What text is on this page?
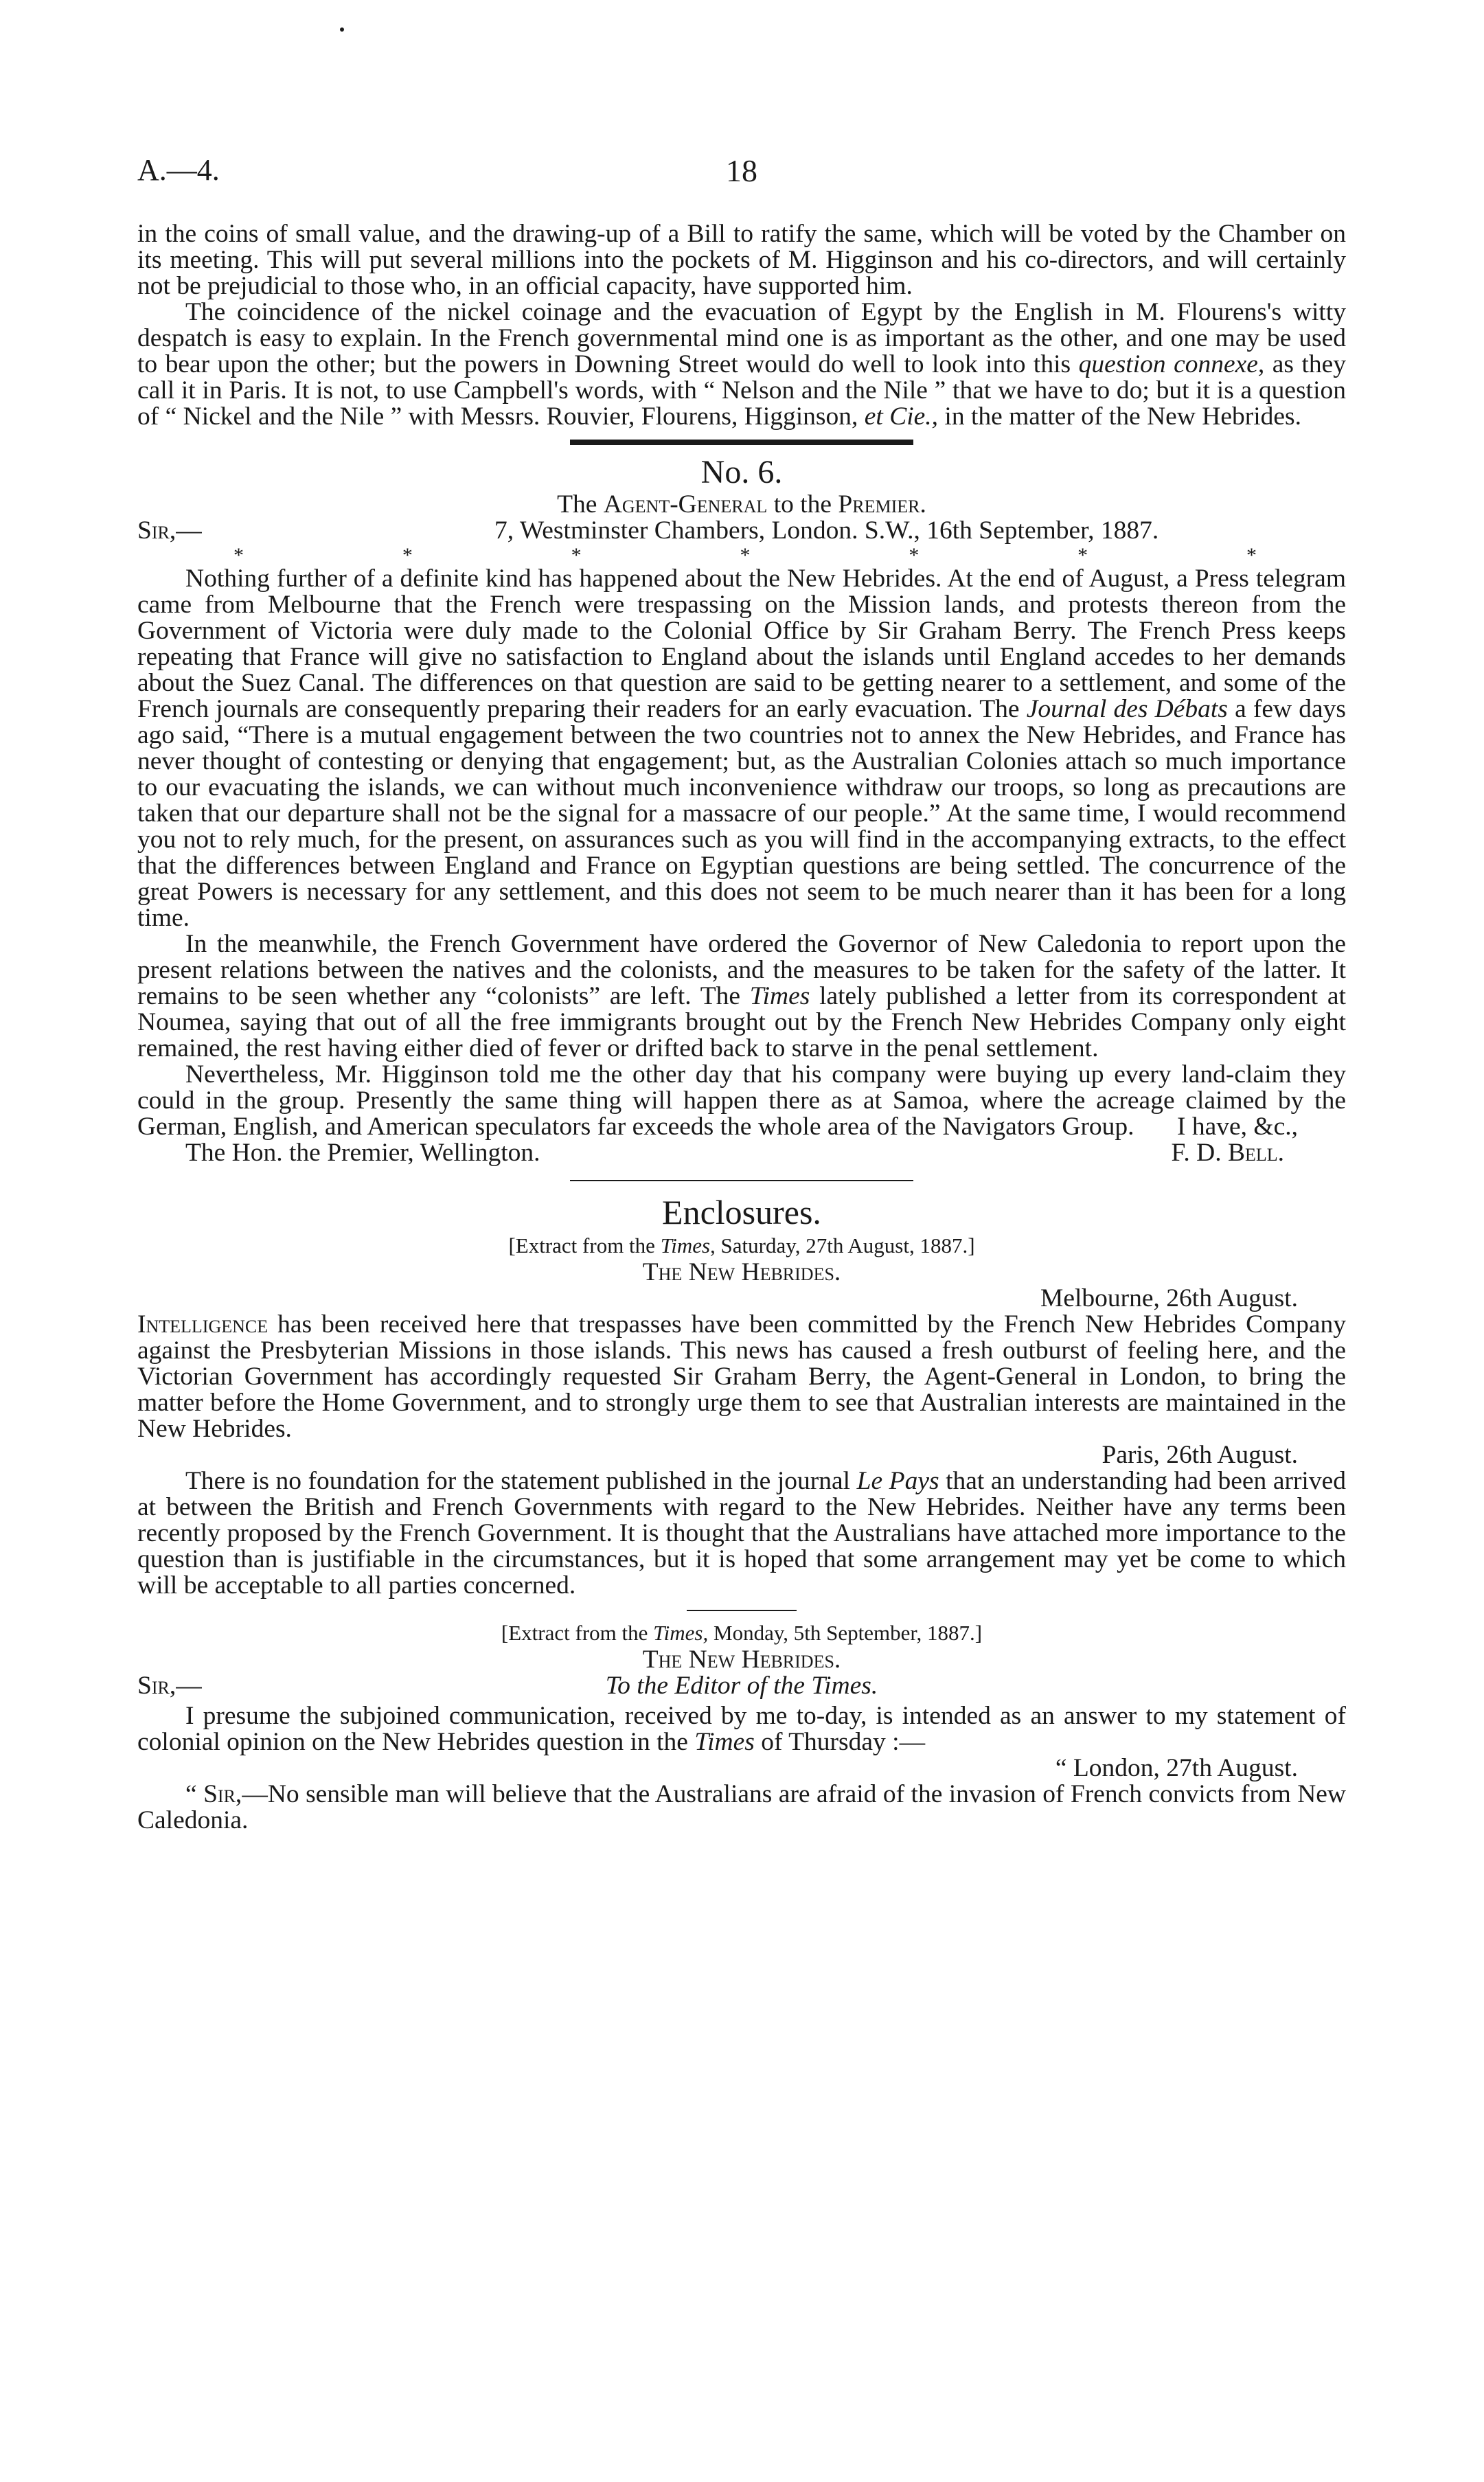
A.—4.	18

in the coins of small value, and the drawing-up of a Bill to ratify the same, which will be voted by the Chamber on its meeting. This will put several millions into the pockets of M. Higginson and his co-directors, and will certainly not be prejudicial to those who, in an official capacity, have supported him.

The coincidence of the nickel coinage and the evacuation of Egypt by the English in M. Flourens's witty despatch is easy to explain. In the French governmental mind one is as important as the other, and one may be used to bear upon the other; but the powers in Downing Street would do well to look into this question connexe, as they call it in Paris. It is not, to use Campbell's words, with “ Nelson and the Nile ” that we have to do; but it is a question of “ Nickel and the Nile ” with Messrs. Rouvier, Flourens, Higginson, et Cie., in the matter of the New Hebrides.

No. 6.
The Agent-General to the Premier.
Sir,—	7, Westminster Chambers, London. S.W., 16th September, 1887.
*	*	*	*	*	*	*

Nothing further of a definite kind has happened about the New Hebrides. At the end of August, a Press telegram came from Melbourne that the French were trespassing on the Mission lands, and protests thereon from the Government of Victoria were duly made to the Colonial Office by Sir Graham Berry. The French Press keeps repeating that France will give no satisfaction to England about the islands until England accedes to her demands about the Suez Canal. The differences on that question are said to be getting nearer to a settlement, and some of the French journals are consequently preparing their readers for an early evacuation. The Journal des Débats a few days ago said, “There is a mutual engagement between the two countries not to annex the New Hebrides, and France has never thought of contesting or denying that engagement; but, as the Australian Colonies attach so much importance to our evacuating the islands, we can without much inconvenience withdraw our troops, so long as precautions are taken that our departure shall not be the signal for a massacre of our people.” At the same time, I would recommend you not to rely much, for the present, on assurances such as you will find in the accompanying extracts, to the effect that the differences between England and France on Egyptian questions are being settled. The concurrence of the great Powers is necessary for any settlement, and this does not seem to be much nearer than it has been for a long time.

In the meanwhile, the French Government have ordered the Governor of New Caledonia to report upon the present relations between the natives and the colonists, and the measures to be taken for the safety of the latter. It remains to be seen whether any “colonists” are left. The Times lately published a letter from its correspondent at Noumea, saying that out of all the free immigrants brought out by the French New Hebrides Company only eight remained, the rest having either died of fever or drifted back to starve in the penal settlement.

Nevertheless, Mr. Higginson told me the other day that his company were buying up every land-claim they could in the group. Presently the same thing will happen there as at Samoa, where the acreage claimed by the German, English, and American speculators far exceeds the whole area of the Navigators Group.	I have, &c.,
The Hon. the Premier, Wellington.	F. D. Bell.
Enclosures.
[Extract from the Times, Saturday, 27th August, 1887.]
The New Hebrides.
Melbourne, 26th August.

Intelligence has been received here that trespasses have been committed by the French New Hebrides Company against the Presbyterian Missions in those islands. This news has caused a fresh outburst of feeling here, and the Victorian Government has accordingly requested Sir Graham Berry, the Agent-General in London, to bring the matter before the Home Government, and to strongly urge them to see that Australian interests are maintained in the New Hebrides.

Paris, 26th August.

There is no foundation for the statement published in the journal Le Pays that an understanding had been arrived at between the British and French Governments with regard to the New Hebrides. Neither have any terms been recently proposed by the French Government. It is thought that the Australians have attached more importance to the question than is justifiable in the circumstances, but it is hoped that some arrangement may yet be come to which will be acceptable to all parties concerned.

[Extract from the Times, Monday, 5th September, 1887.]
The New Hebrides.
Sir,—	To the Editor of the Times.

I presume the subjoined communication, received by me to-day, is intended as an answer to my statement of colonial opinion on the New Hebrides question in the Times of Thursday :—

“ London, 27th August.

“ Sir,—No sensible man will believe that the Australians are afraid of the invasion of French convicts from New Caledonia.
